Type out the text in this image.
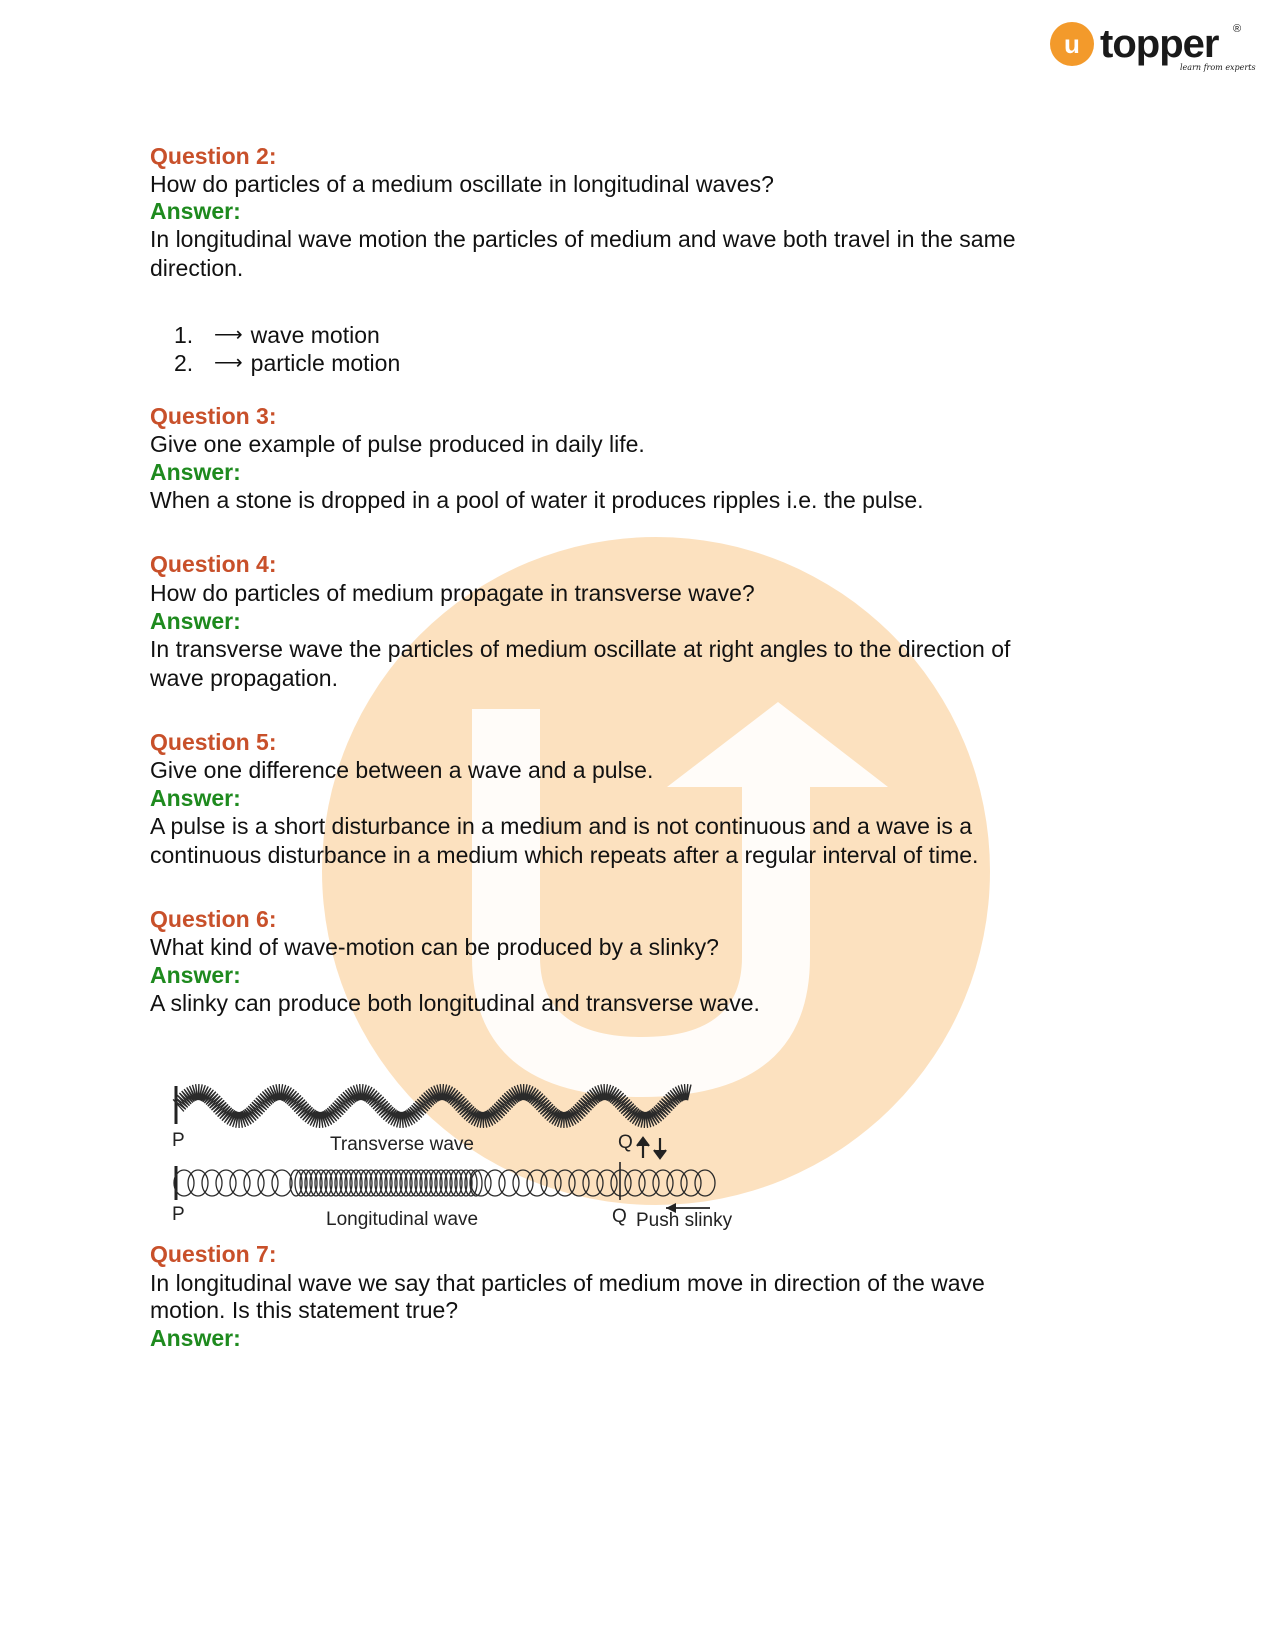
u topper ®
learn from experts
Question 2:
How do particles of a medium oscillate in longitudinal waves?
Answer:
In longitudinal wave motion the particles of medium and wave both travel in the same
direction.
1.	⟶ wave motion
2.	⟶ particle motion
Question 3:
Give one example of pulse produced in daily life.
Answer:
When a stone is dropped in a pool of water it produces ripples i.e. the pulse.
Question 4:
How do particles of medium propagate in transverse wave?
Answer:
In transverse wave the particles of medium oscillate at right angles to the direction of
wave propagation.
Question 5:
Give one difference between a wave and a pulse.
Answer:
A pulse is a short disturbance in a medium and is not continuous and a wave is a
continuous disturbance in a medium which repeats after a regular interval of time.
Question 6:
What kind of wave-motion can be produced by a slinky?
Answer:
A slinky can produce both longitudinal and transverse wave.
Question 7:
In longitudinal wave we say that particles of medium move in direction of the wave
motion. Is this statement true?
Answer:
P	Transverse wave	Q
P	Longitudinal wave	Q Push slinky
